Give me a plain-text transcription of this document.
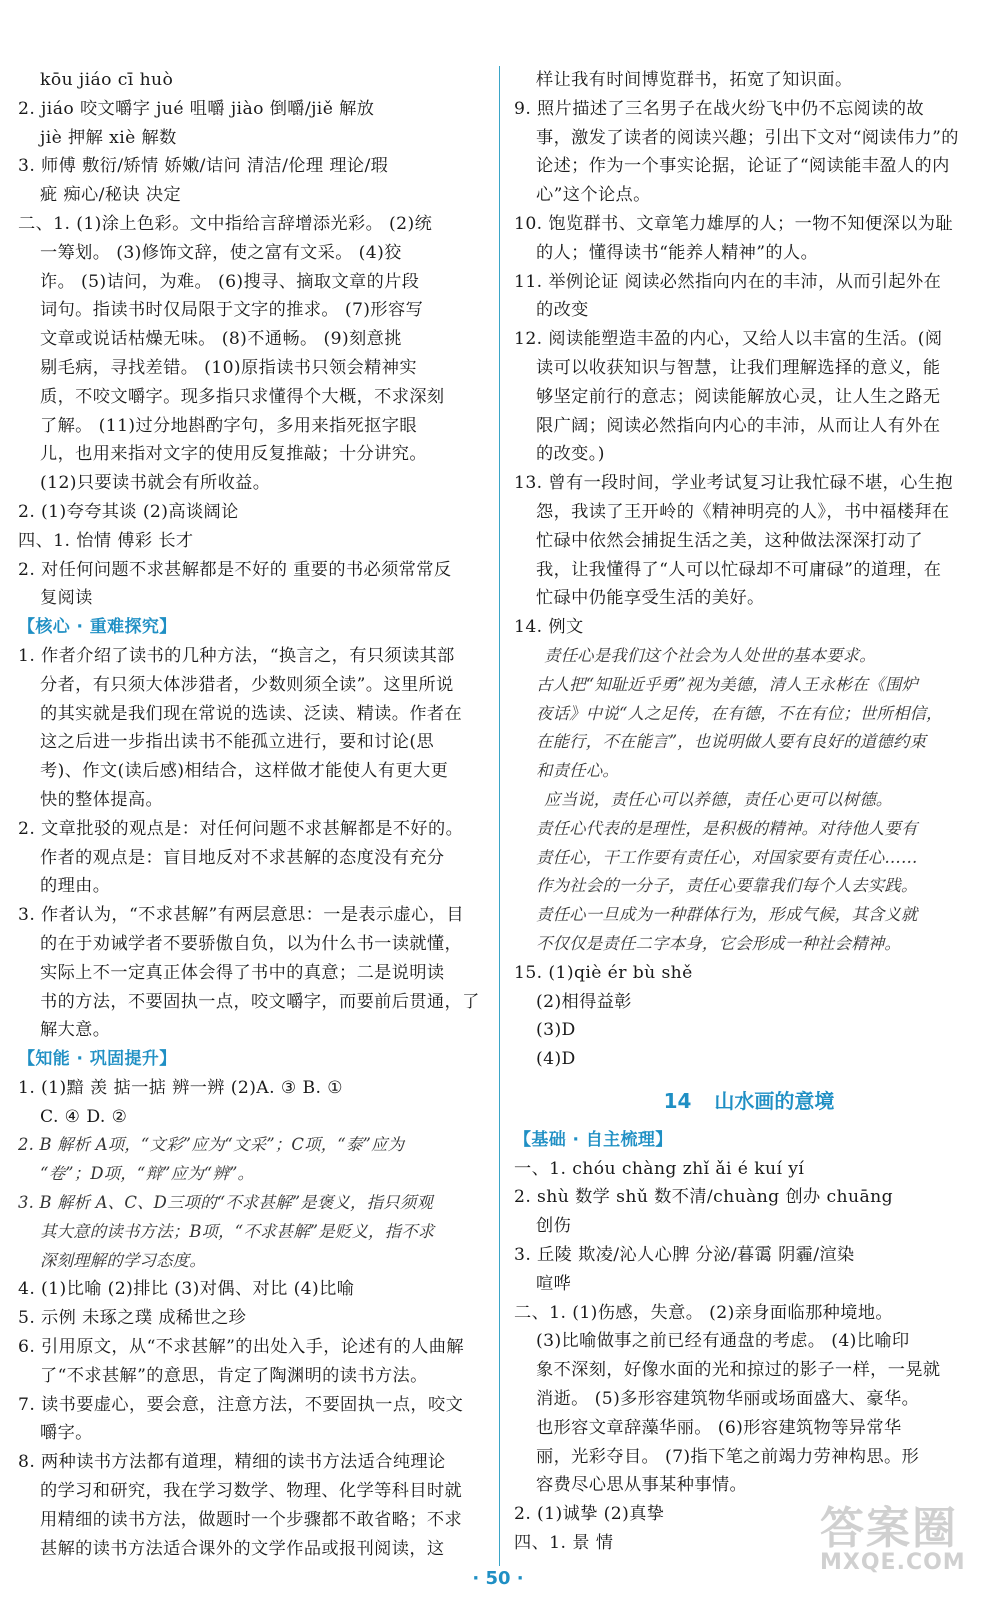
kōu jiáo cī huò
2. jiáo 咬文嚼字 jué 咀嚼 jiào 倒嚼/jiě 解放
jiè 押解 xiè 解数
3. 师傅 敷衍/矫情 娇嫩/诘问 清洁/伦理 理论/瑕
疵 痴心/秘诀 决定
二、1. (1)涂上色彩。文中指给言辞增添光彩。 (2)统
一筹划。 (3)修饰文辞，使之富有文采。 (4)狡
诈。 (5)诘问，为难。 (6)搜寻、摘取文章的片段
词句。指读书时仅局限于文字的推求。 (7)形容写
文章或说话枯燥无味。 (8)不通畅。 (9)刻意挑
剔毛病，寻找差错。 (10)原指读书只领会精神实
质，不咬文嚼字。现多指只求懂得个大概，不求深刻
了解。 (11)过分地斟酌字句，多用来指死抠字眼
儿，也用来指对文字的使用反复推敲；十分讲究。
(12)只要读书就会有所收益。
2. (1)夸夸其谈 (2)高谈阔论
四、1. 怡情 傅彩 长才
2. 对任何问题不求甚解都是不好的 重要的书必须常常反
复阅读
【核心 · 重难探究】
1. 作者介绍了读书的几种方法，“换言之，有只须读其部
分者，有只须大体涉猎者，少数则须全读”。这里所说
的其实就是我们现在常说的选读、泛读、精读。作者在
这之后进一步指出读书不能孤立进行，要和讨论(思
考)、作文(读后感)相结合，这样做才能使人有更大更
快的整体提高。
2. 文章批驳的观点是：对任何问题不求甚解都是不好的。
作者的观点是：盲目地反对不求甚解的态度没有充分
的理由。
3. 作者认为，“不求甚解”有两层意思：一是表示虚心，目
的在于劝诫学者不要骄傲自负，以为什么书一读就懂，
实际上不一定真正体会得了书中的真意；二是说明读
书的方法，不要固执一点，咬文嚼字，而要前后贯通，了
解大意。
【知能 · 巩固提升】
1. (1)黯 羡 掂一掂 辨一辨 (2)A. ③ B. ①
C. ④ D. ②
2. B 解析 A项，“文彩”应为“文采”；C项，“泰”应为
“卷”；D项，“辩”应为“辨”。
3. B 解析 A、C、D三项的“不求甚解”是褒义，指只须观
其大意的读书方法；B项，“不求甚解”是贬义，指不求
深刻理解的学习态度。
4. (1)比喻 (2)排比 (3)对偶、对比 (4)比喻
5. 示例 未琢之璞 成稀世之珍
6. 引用原文，从“不求甚解”的出处入手，论述有的人曲解
了“不求甚解”的意思，肯定了陶渊明的读书方法。
7. 读书要虚心，要会意，注意方法，不要固执一点，咬文
嚼字。
8. 两种读书方法都有道理，精细的读书方法适合纯理论
的学习和研究，我在学习数学、物理、化学等科目时就
用精细的读书方法，做题时一个步骤都不敢省略；不求
甚解的读书方法适合课外的文学作品或报刊阅读，这
样让我有时间博览群书，拓宽了知识面。
9. 照片描述了三名男子在战火纷飞中仍不忘阅读的故
事，激发了读者的阅读兴趣；引出下文对“阅读伟力”的
论述；作为一个事实论据，论证了“阅读能丰盈人的内
心”这个论点。
10. 饱览群书、文章笔力雄厚的人；一物不知便深以为耻
的人；懂得读书“能养人精神”的人。
11. 举例论证 阅读必然指向内在的丰沛，从而引起外在
的改变
12. 阅读能塑造丰盈的内心，又给人以丰富的生活。(阅
读可以收获知识与智慧，让我们理解选择的意义，能
够坚定前行的意志；阅读能解放心灵，让人生之路无
限广阔；阅读必然指向内心的丰沛，从而让人有外在
的改变。)
13. 曾有一段时间，学业考试复习让我忙碌不堪，心生抱
怨，我读了王开岭的《精神明亮的人》，书中福楼拜在
忙碌中依然会捕捉生活之美，这种做法深深打动了
我，让我懂得了“人可以忙碌却不可庸碌”的道理，在
忙碌中仍能享受生活的美好。
14. 例文
责任心是我们这个社会为人处世的基本要求。
古人把“知耻近乎勇”视为美德，清人王永彬在《围炉
夜话》中说“人之足传，在有德，不在有位；世所相信，
在能行，不在能言”，也说明做人要有良好的道德约束
和责任心。
应当说，责任心可以养德，责任心更可以树德。
责任心代表的是理性，是积极的精神。对待他人要有
责任心，干工作要有责任心，对国家要有责任心……
作为社会的一分子，责任心要靠我们每个人去实践。
责任心一旦成为一种群体行为，形成气候，其含义就
不仅仅是责任二字本身，它会形成一种社会精神。
15. (1)qiè ér bù shě
(2)相得益彰
(3)D
(4)D
14 山水画的意境
【基础 · 自主梳理】
一、1. chóu chàng zhǐ ǎi é kuí yí
2. shù 数学 shǔ 数不清/chuàng 创办 chuāng
创伤
3. 丘陵 欺凌/沁人心脾 分泌/暮霭 阴霾/渲染
喧哗
二、1. (1)伤感，失意。 (2)亲身面临那种境地。
(3)比喻做事之前已经有通盘的考虑。 (4)比喻印
象不深刻，好像水面的光和掠过的影子一样，一晃就
消逝。 (5)多形容建筑物华丽或场面盛大、豪华。
也形容文章辞藻华丽。 (6)形容建筑物等异常华
丽，光彩夺目。 (7)指下笔之前竭力劳神构思。形
容费尽心思从事某种事情。
2. (1)诚挚 (2)真挚
四、1. 景 情
· 50 ·
答案圈
MXQE.COM
